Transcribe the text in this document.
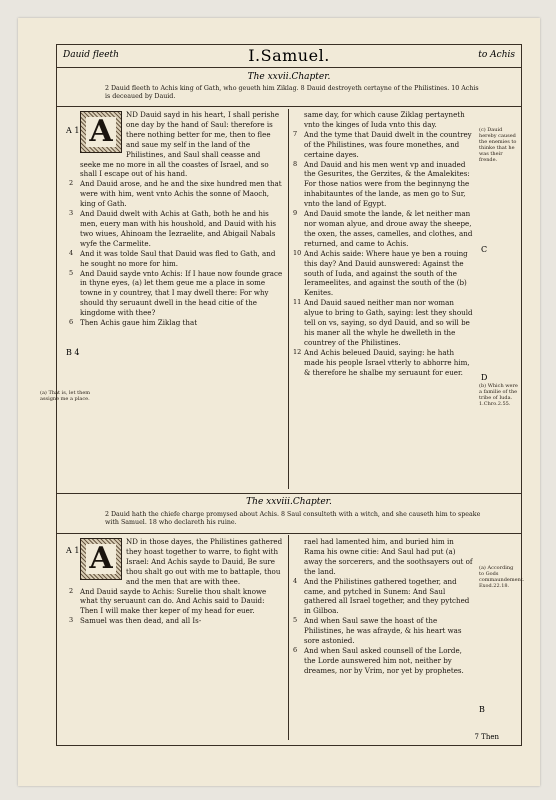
Dauid fleeth	I.Samuel.	to Achis
The xxvii.Chapter.
2 Dauid fleeth to Achis king of Gath, who geueth him Ziklag. 8 Dauid destroyeth certayne of the Philistines. 10 Achis is deceaued by Dauid.
A	ND Dauid sayd in his heart, I shall perishe one day by the hand of Saul: therefore is there nothing better for me, then to flee and saue my self in the land of the Philistines, and Saul shall ceasse and seeke me no more in all the coastes of Israel, and so shall I escape out of his hand.
2 And Dauid arose, and he and the sixe hundred men that were with him, went vnto Achis the sonne of Maoch, king of Gath.
3 And Dauid dwelt with Achis at Gath, both he and his men, euery man with his houshold, and Dauid with his two wiues, Ahinoam the Iezraelite, and Abigail Nabals wyfe the Carmelite.
4 And it was tolde Saul that Dauid was fled to Gath, and he sought no more for him.
5 And Dauid sayde vnto Achis: If I haue now founde grace in thyne eyes, (a) let them geue me a place in some towne in y countrey, that I may dwell there: For why should thy seruaunt dwell in the head citie of the kingdome with thee?
6 Then Achis gaue him Ziklag that
same day, for which cause Ziklag pertayneth vnto the kinges of Iuda vnto this day.
7 And the tyme that Dauid dwelt in the countrey of the Philistines, was foure monethes, and certaine dayes.
8 And Dauid and his men went vp and inuaded the Gesurites, the Gerzites, & the Amalekites: For those natios were from the beginnyng the inhabitauntes of the lande, as men go to Sur, vnto the land of Egypt.
9 And Dauid smote the lande, & let neither man nor woman alyue, and droue away the sheepe, the oxen, the asses, camelles, and clothes, and returned, and came to Achis.
10 And Achis saide: Where haue ye ben a rouing this day? And Dauid aunswered: Against the south of Iuda, and against the south of the Ierameelites, and against the south of the (b) Kenites.
11 And Dauid saued neither man nor woman alyue to bring to Gath, saying: lest they should tell on vs, saying, so dyd Dauid, and so will be his maner all the whyle he dwelleth in the countrey of the Philistines.
12 And Achis beleued Dauid, saying: he hath made his people Israel vtterly to abhorre him, & therefore he shalbe my seruaunt for euer.
The xxviii.Chapter.
2 Dauid hath the chiefe charge promysed about Achis. 8 Saul consulteth with a witch, and she causeth him to speake with Samuel. 18 who declareth his ruine.
A	ND in those dayes, the Philistines gathered they hoast together to warre, to fight with Israel: And Achis sayde to Dauid, Be sure thou shalt go out with me to battaple, thou and the men that are with thee.
2 And Dauid sayde to Achis: Surelie thou shalt knowe what thy seruaunt can do. And Achis said to Dauid: Then I will make ther keper of my head for euer.
3 Samuel was then dead, and all Is-
rael had lamented him, and buried him in Rama his owne citie: And Saul had put (a) away the sorcerers, and the soothsayers out of the land.
4 And the Philistines gathered together, and came, and pytched in Sunem: And Saul gathered all Israel together, and they pytched in Gilboa.
5 And when Saul sawe the hoast of the Philistines, he was afrayde, & his heart was sore astonied.
6 And when Saul asked counsell of the Lorde, the Lorde aunswered him not, neither by dreames, nor by Vrim, nor yet by prophetes.
7 Then
(c) Dauid hereby caused the enemies to thinke that he was their frende.
C
D
(b) Which were a familie of the tribe of Iuda. 1.Chro.2.55.
(a) According to Gods commaundement. Exod.22.18.
B
A 1
B 4
(a) That is, let them assigne me a place.
A 1
